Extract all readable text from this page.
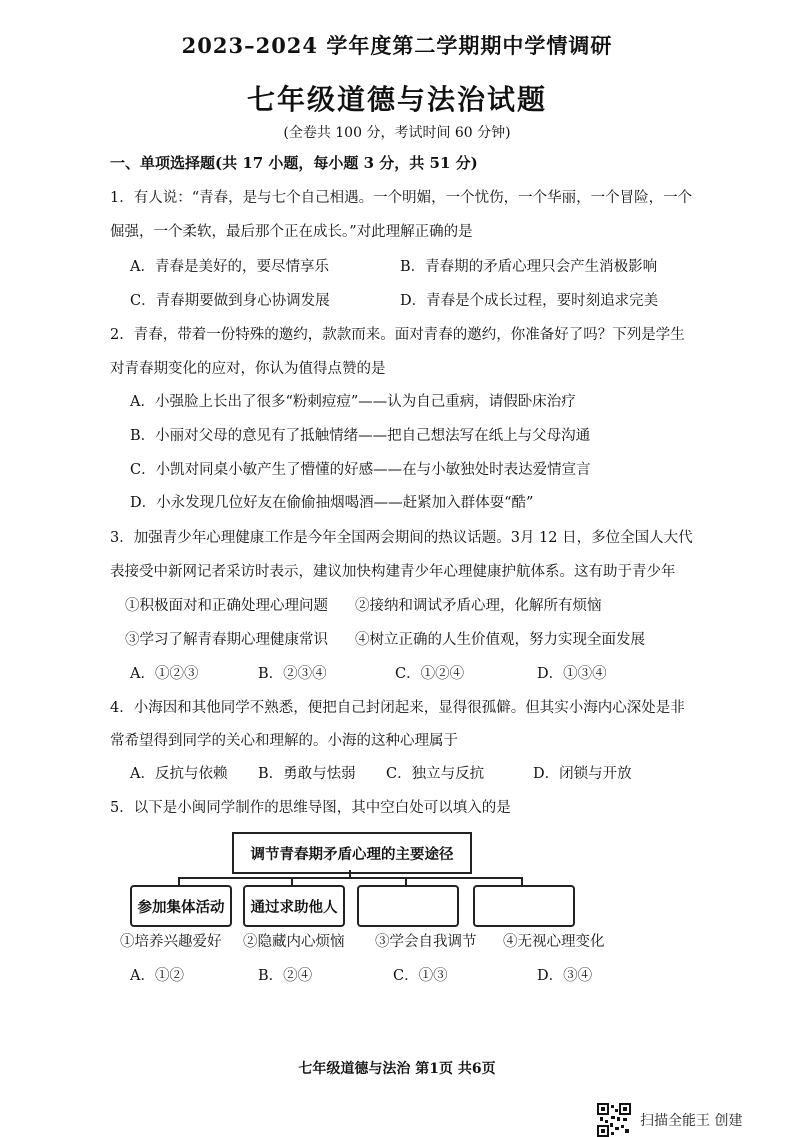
2023–2024 学年度第二学期期中学情调研
七年级道德与法治试题
(全卷共 100 分，考试时间 60 分钟)
一、单项选择题(共 17 小题，每小题 3 分，共 51 分)
1．有人说：“青春，是与七个自己相遇。一个明媚，一个忧伤，一个华丽，一个冒险，一个
倔强，一个柔软，最后那个正在成长。”对此理解正确的是
A．青春是美好的，要尽情享乐	B．青春期的矛盾心理只会产生消极影响
C．青春期要做到身心协调发展	D．青春是个成长过程，要时刻追求完美
2．青春，带着一份特殊的邀约，款款而来。面对青春的邀约，你准备好了吗？下列是学生
对青春期变化的应对，你认为值得点赞的是
A．小强脸上长出了很多“粉刺痘痘”——认为自己重病，请假卧床治疗
B．小丽对父母的意见有了抵触情绪——把自己想法写在纸上与父母沟通
C．小凯对同桌小敏产生了懵懂的好感——在与小敏独处时表达爱情宣言
D．小永发现几位好友在偷偷抽烟喝酒——赶紧加入群体耍“酷”
3．加强青少年心理健康工作是今年全国两会期间的热议话题。3月 12 日，多位全国人大代
表接受中新网记者采访时表示，建议加快构建青少年心理健康护航体系。这有助于青少年
①积极面对和正确处理心理问题 ②接纳和调试矛盾心理，化解所有烦恼
③学习了解青春期心理健康常识 ④树立正确的人生价值观，努力实现全面发展
A．①②③	B．②③④	C．①②④	D．①③④
4．小海因和其他同学不熟悉，便把自己封闭起来，显得很孤僻。但其实小海内心深处是非
常希望得到同学的关心和理解的。小海的这种心理属于
A．反抗与依赖 B．勇敢与怯弱 C．独立与反抗	D．闭锁与开放
5．以下是小闽同学制作的思维导图，其中空白处可以填入的是
调节青春期矛盾心理的主要途径
参加集体活动	通过求助他人
①培养兴趣爱好 ②隐藏内心烦恼 ③学会自我调节 ④无视心理变化
A．①②	B．②④	C．①③	D．③④
七年级道德与法治 第1页 共6页
扫描全能王 创建
